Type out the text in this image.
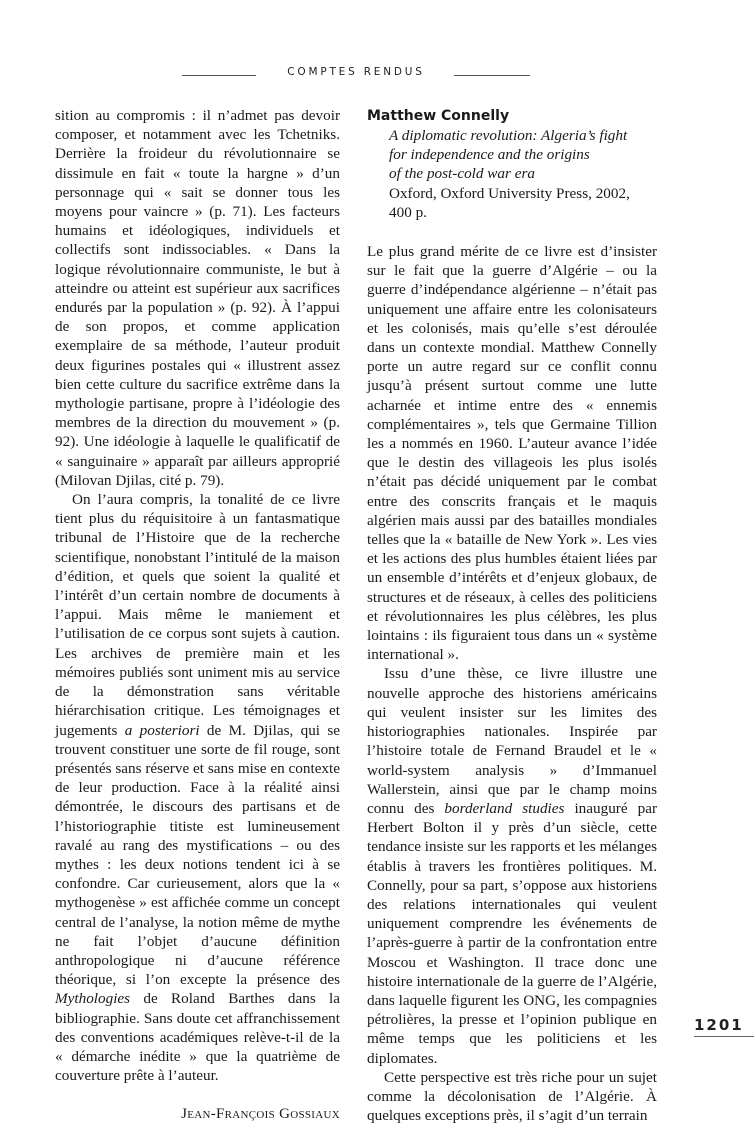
COMPTES RENDUS

sition au compromis : il n’admet pas devoir composer, et notamment avec les Tchetniks. Derrière la froideur du révolutionnaire se dissimule en fait « toute la hargne » d’un personnage qui « sait se donner tous les moyens pour vaincre » (p. 71). Les facteurs humains et idéologiques, individuels et collectifs sont indissociables. « Dans la logique révolutionnaire communiste, le but à atteindre ou atteint est supérieur aux sacrifices endurés par la population » (p. 92). À l’appui de son propos, et comme application exemplaire de sa méthode, l’auteur produit deux figurines postales qui « illustrent assez bien cette culture du sacrifice extrême dans la mythologie partisane, propre à l’idéologie des membres de la direction du mouvement » (p. 92). Une idéologie à laquelle le qualificatif de « sanguinaire » apparaît par ailleurs approprié (Milovan Djilas, cité p. 79).

On l’aura compris, la tonalité de ce livre tient plus du réquisitoire à un fantasmatique tribunal de l’Histoire que de la recherche scientifique, nonobstant l’intitulé de la maison d’édition, et quels que soient la qualité et l’intérêt d’un certain nombre de documents à l’appui. Mais même le maniement et l’utilisation de ce corpus sont sujets à caution. Les archives de première main et les mémoires publiés sont uniment mis au service de la démonstration sans véritable hiérarchisation critique. Les témoignages et jugements a posteriori de M. Djilas, qui se trouvent constituer une sorte de fil rouge, sont présentés sans réserve et sans mise en contexte de leur production. Face à la réalité ainsi démontrée, le discours des partisans et de l’historiographie titiste est lumineusement ravalé au rang des mystifications – ou des mythes : les deux notions tendent ici à se confondre. Car curieusement, alors que la « mythogenèse » est affichée comme un concept central de l’analyse, la notion même de mythe ne fait l’objet d’aucune définition anthropologique ni d’aucune référence théorique, si l’on excepte la présence des Mythologies de Roland Barthes dans la bibliographie. Sans doute cet affranchissement des conventions académiques relève-t-il de la « démarche inédite » que la quatrième de couverture prête à l’auteur.

Jean-François Gossiaux
Matthew Connelly
A diplomatic revolution: Algeria’s fight
for independence and the origins
of the post-cold war era
Oxford, Oxford University Press, 2002,
400 p.

Le plus grand mérite de ce livre est d’insister sur le fait que la guerre d’Algérie – ou la guerre d’indépendance algérienne – n’était pas uniquement une affaire entre les colonisateurs et les colonisés, mais qu’elle s’est déroulée dans un contexte mondial. Matthew Connelly porte un autre regard sur ce conflit connu jusqu’à présent surtout comme une lutte acharnée et intime entre des « ennemis complémentaires », tels que Germaine Tillion les a nommés en 1960. L’auteur avance l’idée que le destin des villageois les plus isolés n’était pas décidé uniquement par le combat entre des conscrits français et le maquis algérien mais aussi par des batailles mondiales telles que la « bataille de New York ». Les vies et les actions des plus humbles étaient liées par un ensemble d’intérêts et d’enjeux globaux, de structures et de réseaux, à celles des politiciens et révolutionnaires les plus célèbres, les plus lointains : ils figuraient tous dans un « système international ».

Issu d’une thèse, ce livre illustre une nouvelle approche des historiens américains qui veulent insister sur les limites des historiographies nationales. Inspirée par l’histoire totale de Fernand Braudel et le « world-system analysis » d’Immanuel Wallerstein, ainsi que par le champ moins connu des borderland studies inauguré par Herbert Bolton il y près d’un siècle, cette tendance insiste sur les rapports et les mélanges établis à travers les frontières politiques. M. Connelly, pour sa part, s’oppose aux historiens des relations internationales qui veulent uniquement comprendre les événements de l’après-guerre à partir de la confrontation entre Moscou et Washington. Il trace donc une histoire internationale de la guerre de l’Algérie, dans laquelle figurent les ONG, les compagnies pétrolières, la presse et l’opinion publique en même temps que les politiciens et les diplomates.

Cette perspective est très riche pour un sujet comme la décolonisation de l’Algérie. À quelques exceptions près, il s’agit d’un terrain

1201
